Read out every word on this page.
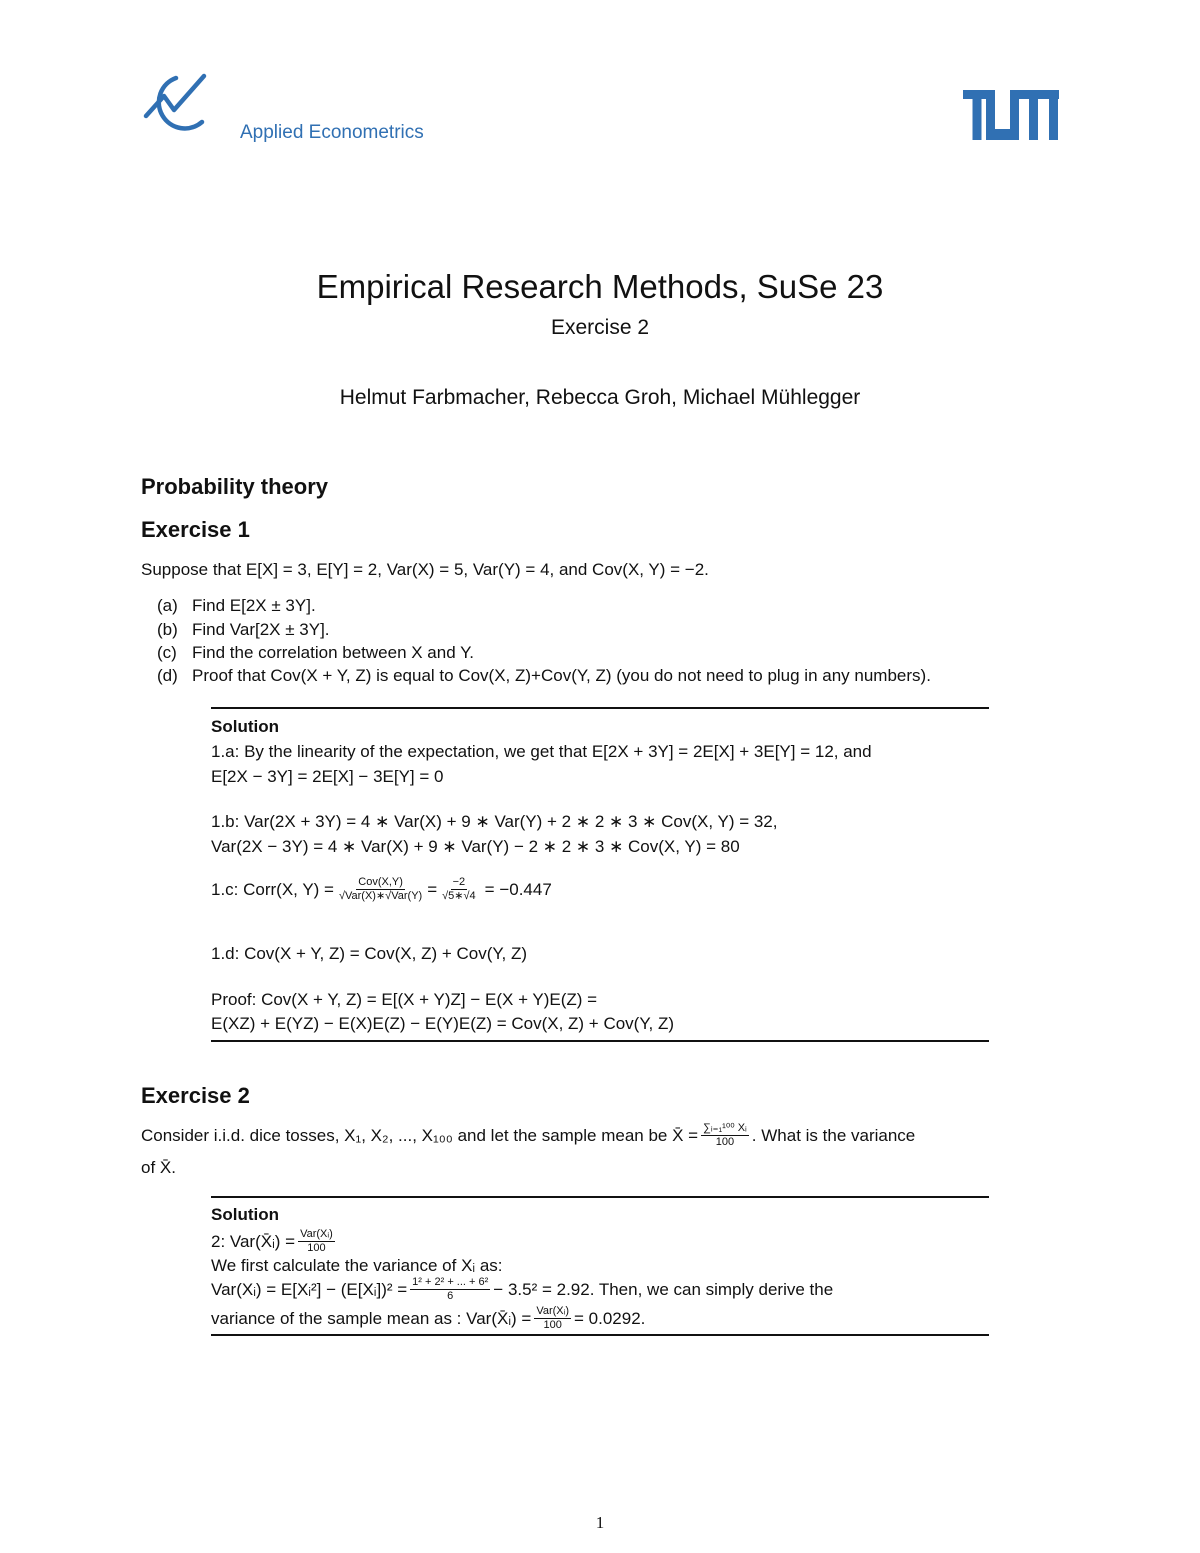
Applied Econometrics
Empirical Research Methods, SuSe 23
Exercise 2
Helmut Farbmacher, Rebecca Groh, Michael Mühlegger
Probability theory
Exercise 1
Suppose that E[X] = 3, E[Y] = 2, Var(X) = 5, Var(Y) = 4, and Cov(X, Y) = −2.
(a) Find E[2X ± 3Y].
(b) Find Var[2X ± 3Y].
(c) Find the correlation between X and Y.
(d) Proof that Cov(X + Y, Z) is equal to Cov(X, Z)+Cov(Y, Z) (you do not need to plug in any numbers).
Solution
1.a: By the linearity of the expectation, we get that E[2X + 3Y] = 2E[X] + 3E[Y] = 12, and
E[2X − 3Y] = 2E[X] − 3E[Y] = 0
1.b: Var(2X + 3Y) = 4 ∗ Var(X) + 9 ∗ Var(Y) + 2 ∗ 2 ∗ 3 ∗ Cov(X, Y) = 32,
Var(2X − 3Y) = 4 ∗ Var(X) + 9 ∗ Var(Y) − 2 ∗ 2 ∗ 3 ∗ Cov(X, Y) = 80
1.c: Corr(X, $Y) = \frac{\text{Cov(X,Y)}}{\text{√Var(X)∗√Var(Y)}} = \frac{-2}{√5∗√4} = -0.447$
1.d: Cov(X + Y, Z) = Cov(X, Z) + Cov(Y, Z)
Proof: Cov(X + Y, Z) = E[(X + Y)Z] − E(X + Y)E(Z) =
E(XZ) + E(YZ) − E(X)E(Z) − E(Y)E(Z) = Cov(X, Z) + Cov(Y, Z)
Exercise 2
Consider i.i.d. dice tosses, X₁, X₂, ..., X₁₀₀ and let the sample mean be X̄ = $\frac{\text{∑ᵢ₌₁¹⁰⁰ Xᵢ}}{100}$ . What is the variance
of X̄.
Solution
2: Var(X̄ᵢ) = $\frac{\text{Var(Xᵢ)}}{100}$
We first calculate the variance of Xᵢ as:
Var(Xᵢ) = E[Xᵢ²] − (E[Xᵢ])² = $\frac{\text{1² + 2² + ... + 6²}}{6} - 3.5^2 = 2.92$. Then, we can simply derive the
variance of the sample mean as : Var(X̄ᵢ) = $\frac{\text{Var(Xᵢ)}}{100} = 0.0292$.
1
